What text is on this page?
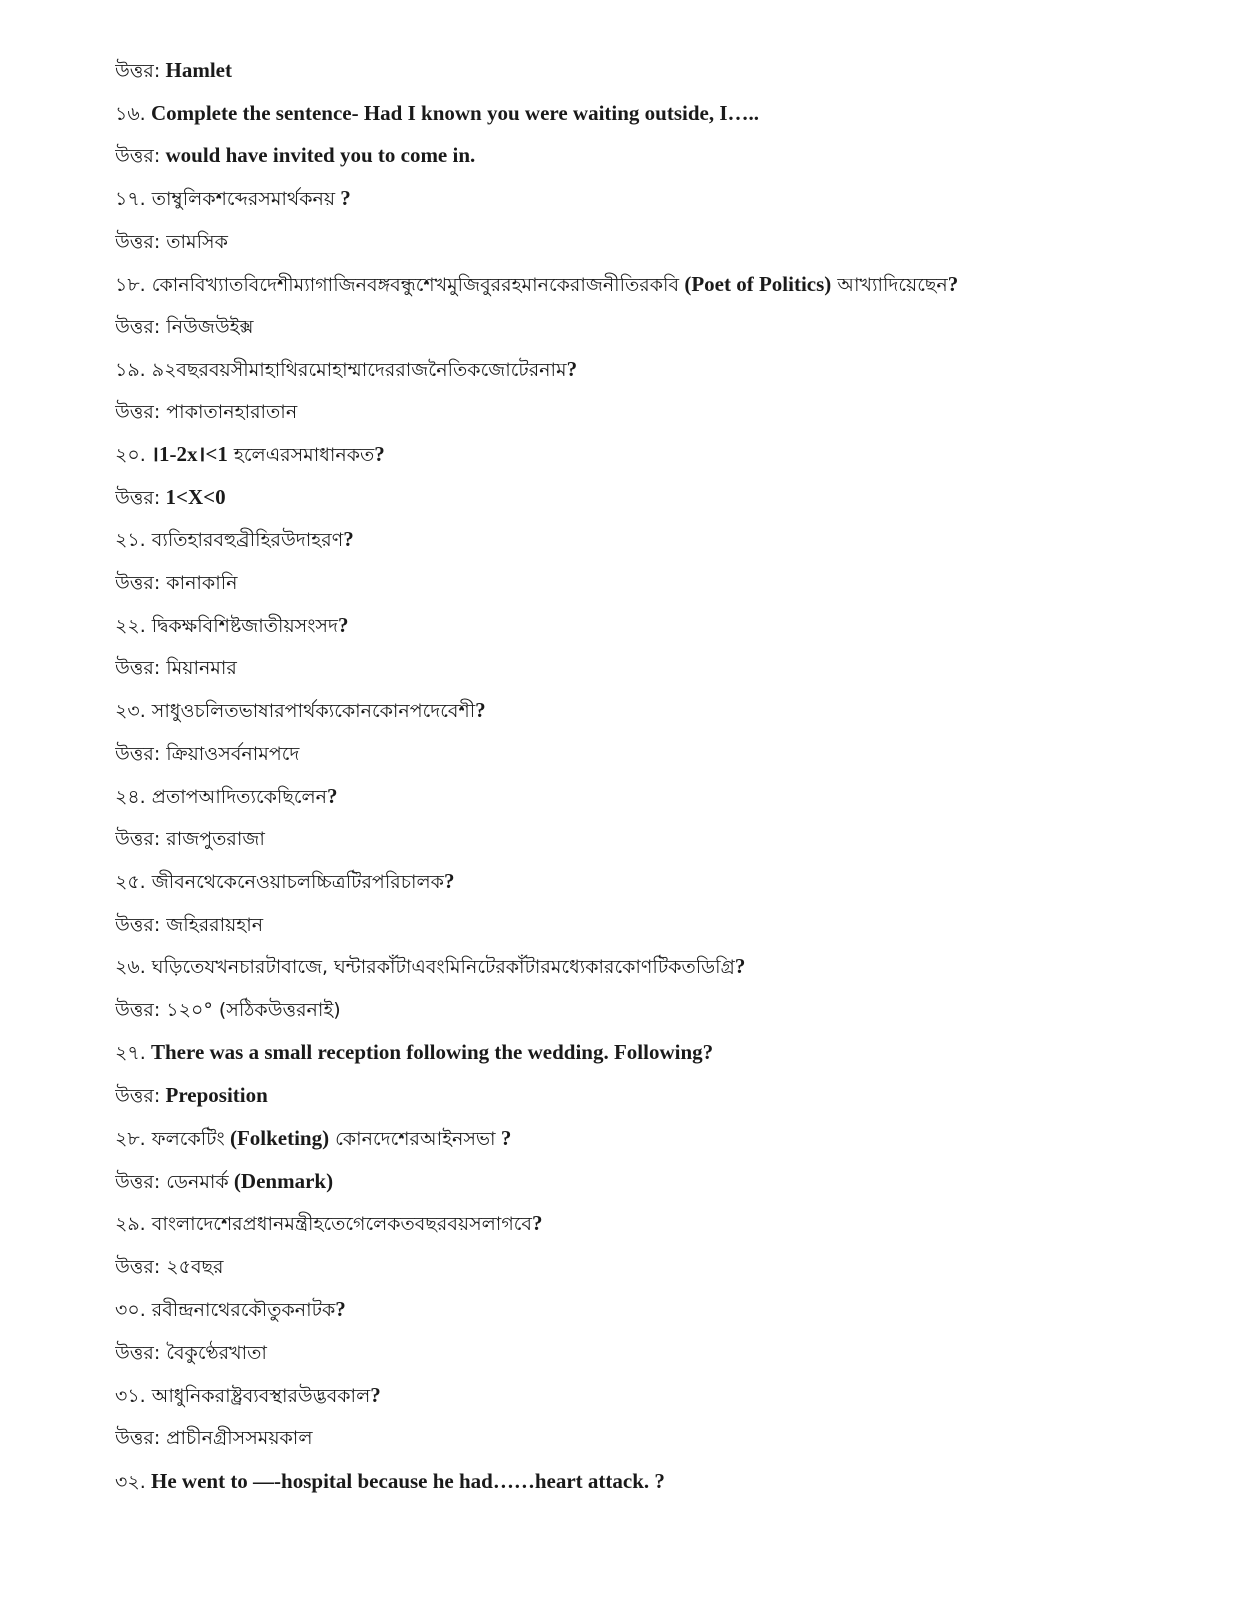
উত্তর: Hamlet
১৬. Complete the sentence- Had I known you were waiting outside, I…..
উত্তর: would have invited you to come in.
১৭. তাম্বুলিকশব্দেরসমার্থকনয় ?
উত্তর: তামসিক
১৮. কোনবিখ্যাতবিদেশীম্যাগাজিনবঙ্গবন্ধুশেখমুজিবুররহমানকেরাজনীতিরকবি (Poet of Politics) আখ্যাদিয়েছেন?
উত্তর: নিউজউইক্স
১৯. ৯২বছরবয়সীমাহাথিরমোহাম্মাদেররাজনৈতিকজোটেরনাম?
উত্তর: পাকাতানহারাতান
২০. ।1-2x।<1 হলেএরসমাধানকত?
উত্তর: 1<X<0
২১. ব্যতিহারবহুব্রীহিরউদাহরণ?
উত্তর: কানাকানি
২২. দ্বিকক্ষবিশিষ্টজাতীয়সংসদ?
উত্তর: মিয়ানমার
২৩. সাধুওচলিতভাষারপার্থক্যকোনকোনপদেবেশী?
উত্তর: ক্রিয়াওসর্বনামপদে
২৪. প্রতাপআদিত্যকেছিলেন?
উত্তর: রাজপুতরাজা
২৫. জীবনথেকেনেওয়াচলচ্চিত্রটিরপরিচালক?
উত্তর: জহিররায়হান
২৬. ঘড়িতেযখনচারটাবাজে, ঘন্টারকাঁটাএবংমিনিটেরকাঁটারমধ্যেকারকোণটিকতডিগ্রি?
উত্তর: ১২০° (সঠিকউত্তরনাই)
২৭. There was a small reception following the wedding. Following?
উত্তর: Preposition
২৮. ফলকেটিং (Folketing) কোনদেশেরআইনসভা ?
উত্তর: ডেনমার্ক (Denmark)
২৯. বাংলাদেশেরপ্রধানমন্ত্রীহতেগেলেকতবছরবয়সলাগবে?
উত্তর: ২৫বছর
৩০. রবীন্দ্রনাথেরকৌতুকনাটক?
উত্তর: বৈকুণ্ঠেরখাতা
৩১. আধুনিকরাষ্ট্রব্যবস্থারউদ্ভবকাল?
উত্তর: প্রাচীনগ্রীসসময়কাল
৩২. He went to —-hospital because he had……heart attack. ?
